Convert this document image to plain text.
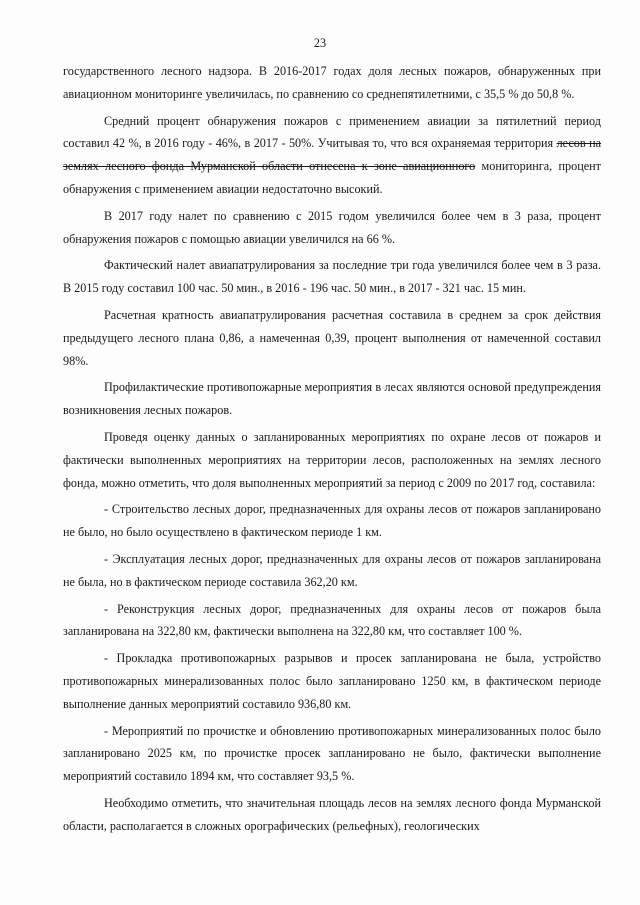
23

государственного лесного надзора. В 2016-2017 годах доля лесных пожаров, обнаруженных при авиационном мониторинге увеличилась, по сравнению со среднепятилетними, с 35,5 % до 50,8 %.

Средний процент обнаружения пожаров с применением авиации за пятилетний период составил 42 %, в 2016 году - 46%, в 2017 - 50%. Учитывая то, что вся охраняемая территория лесов на землях лесного фонда Мурманской области отнесена к зоне авиационного мониторинга, процент обнаружения с применением авиации недостаточно высокий.

В 2017 году налет по сравнению с 2015 годом увеличился более чем в 3 раза, процент обнаружения пожаров с помощью авиации увеличился на 66 %.

Фактический налет авиапатрулирования за последние три года увеличился более чем в 3 раза. В 2015 году составил 100 час. 50 мин., в 2016 - 196 час. 50 мин., в 2017 - 321 час. 15 мин.

Расчетная кратность авиапатрулирования расчетная составила в среднем за срок действия предыдущего лесного плана 0,86, а намеченная 0,39, процент выполнения от намеченной составил 98%.

Профилактические противопожарные мероприятия в лесах являются основой предупреждения возникновения лесных пожаров.

Проведя оценку данных о запланированных мероприятиях по охране лесов от пожаров и фактически выполненных мероприятиях на территории лесов, расположенных на землях лесного фонда, можно отметить, что доля выполненных мероприятий за период с 2009 по 2017 год, составила:

- Строительство лесных дорог, предназначенных для охраны лесов от пожаров запланировано не было, но было осуществлено в фактическом периоде 1 км.

- Эксплуатация лесных дорог, предназначенных для охраны лесов от пожаров запланирована не была, но в фактическом периоде составила 362,20 км.

- Реконструкция лесных дорог, предназначенных для охраны лесов от пожаров была запланирована на 322,80 км, фактически выполнена на 322,80 км, что составляет 100 %.

- Прокладка противопожарных разрывов и просек запланирована не была, устройство противопожарных минерализованных полос было запланировано 1250 км, в фактическом периоде выполнение данных мероприятий составило 936,80 км.

- Мероприятий по прочистке и обновлению противопожарных минерализованных полос было запланировано 2025 км, по прочистке просек запланировано не было, фактически выполнение мероприятий составило 1894 км, что составляет 93,5 %.

Необходимо отметить, что значительная площадь лесов на землях лесного фонда Мурманской области, располагается в сложных орографических (рельефных), геологических
